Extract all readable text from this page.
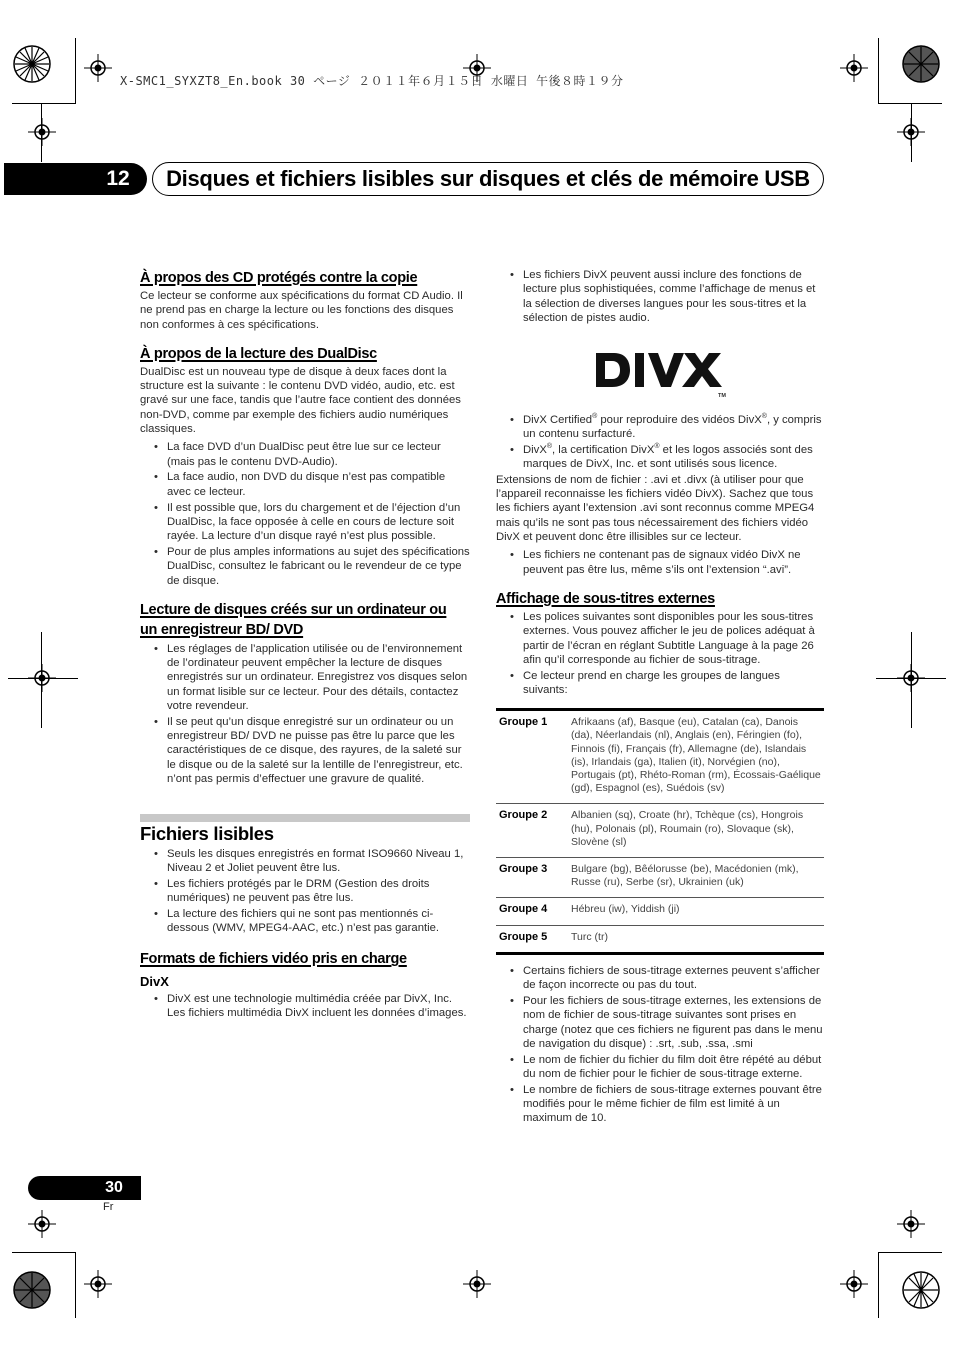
X-SMC1_SYXZT8_En.book 30 ページ ２０１１年６月１５日 水曜日 午後８時１９分
12	Disques et fichiers lisibles sur disques et clés de mémoire USB

À propos des CD protégés contre la copie

Ce lecteur se conforme aux spécifications du format CD Audio. Il ne prend pas en charge la lecture ou les fonctions des disques non conformes à ces spécifications.

À propos de la lecture des DualDisc

DualDisc est un nouveau type de disque à deux faces dont la structure est la suivante : le contenu DVD vidéo, audio, etc. est gravé sur une face, tandis que l’autre face contient des données non-DVD, comme par exemple des fichiers audio numériques classiques.

• La face DVD d’un DualDisc peut être lue sur ce lecteur (mais pas le contenu DVD-Audio).
• La face audio, non DVD du disque n’est pas compatible avec ce lecteur.
• Il est possible que, lors du chargement et de l’éjection d’un DualDisc, la face opposée à celle en cours de lecture soit rayée. La lecture d’un disque rayé n’est plus possible.
• Pour de plus amples informations au sujet des spécifications DualDisc, consultez le fabricant ou le revendeur de ce type de disque.

Lecture de disques créés sur un ordinateur ou
un enregistreur BD/ DVD

• Les réglages de l’application utilisée ou de l’environnement de l’ordinateur peuvent empêcher la lecture de disques enregistrés sur un ordinateur. Enregistrez vos disques selon un format lisible sur ce lecteur. Pour des détails, contactez votre revendeur.
• Il se peut qu’un disque enregistré sur un ordinateur ou un enregistreur BD/ DVD ne puisse pas être lu parce que les caractéristiques de ce disque, des rayures, de la saleté sur le disque ou de la saleté sur la lentille de l’enregistreur, etc. n’ont pas permis d’effectuer une gravure de qualité.

Fichiers lisibles

• Seuls les disques enregistrés en format ISO9660 Niveau 1, Niveau 2 et Joliet peuvent être lus.
• Les fichiers protégés par le DRM (Gestion des droits numériques) ne peuvent pas être lus.
• La lecture des fichiers qui ne sont pas mentionnés ci-dessous (WMV, MPEG4-AAC, etc.) n’est pas garantie.

Formats de fichiers vidéo pris en charge

DivX

• DivX est une technologie multimédia créée par DivX, Inc. Les fichiers multimédia DivX incluent les données d’images.
• Les fichiers DivX peuvent aussi inclure des fonctions de lecture plus sophistiquées, comme l’affichage de menus et la sélection de diverses langues pour les sous-titres et la sélection de pistes audio.
TM
• DivX Certified® pour reproduire des vidéos DivX®, y compris un contenu surfacturé.
• DivX®, la certification DivX® et les logos associés sont des marques de DivX, Inc. et sont utilisés sous licence.

Extensions de nom de fichier : .avi et .divx (à utiliser pour que l’appareil reconnaisse les fichiers vidéo DivX). Sachez que tous les fichiers ayant l’extension .avi sont reconnus comme MPEG4 mais qu’ils ne sont pas tous nécessairement des fichiers vidéo DivX et peuvent donc être illisibles sur ce lecteur.

• Les fichiers ne contenant pas de signaux vidéo DivX ne peuvent pas être lus, même s’ils ont l’extension “.avi”.

Affichage de sous-titres externes

• Les polices suivantes sont disponibles pour les sous-titres externes. Vous pouvez afficher le jeu de polices adéquat à partir de l’écran en réglant Subtitle Language à la page 26 afin qu’il corresponde au fichier de sous-titrage.
• Ce lecteur prend en charge les groupes de langues suivants:
Groupe 1	Afrikaans (af), Basque (eu), Catalan (ca), Danois (da), Néerlandais (nl), Anglais (en), Féringien (fo), Finnois (fi), Français (fr), Allemagne (de), Islandais (is), Irlandais (ga), Italien (it), Norvégien (no), Portugais (pt), Rhéto-Roman (rm), Écossais-Gaélique (gd), Espagnol (es), Suédois (sv)
Groupe 2	Albanien (sq), Croate (hr), Tchèque (cs), Hongrois (hu), Polonais (pl), Roumain (ro), Slovaque (sk), Slovène (sl)
Groupe 3	Bulgare (bg), Bêélorusse (be), Macédonien (mk), Russe (ru), Serbe (sr), Ukrainien (uk)
Groupe 4	Hébreu (iw), Yiddish (ji)
Groupe 5	Turc (tr)
• Certains fichiers de sous-titrage externes peuvent s’afficher de façon incorrecte ou pas du tout.
• Pour les fichiers de sous-titrage externes, les extensions de nom de fichier de sous-titrage suivantes sont prises en charge (notez que ces fichiers ne figurent pas dans le menu de navigation du disque) : .srt, .sub, .ssa, .smi
• Le nom de fichier du fichier du film doit être répété au début du nom de fichier pour le fichier de sous-titrage externe.
• Le nombre de fichiers de sous-titrage externes pouvant être modifiés pour le même fichier de film est limité à un maximum de 10.
30
Fr
